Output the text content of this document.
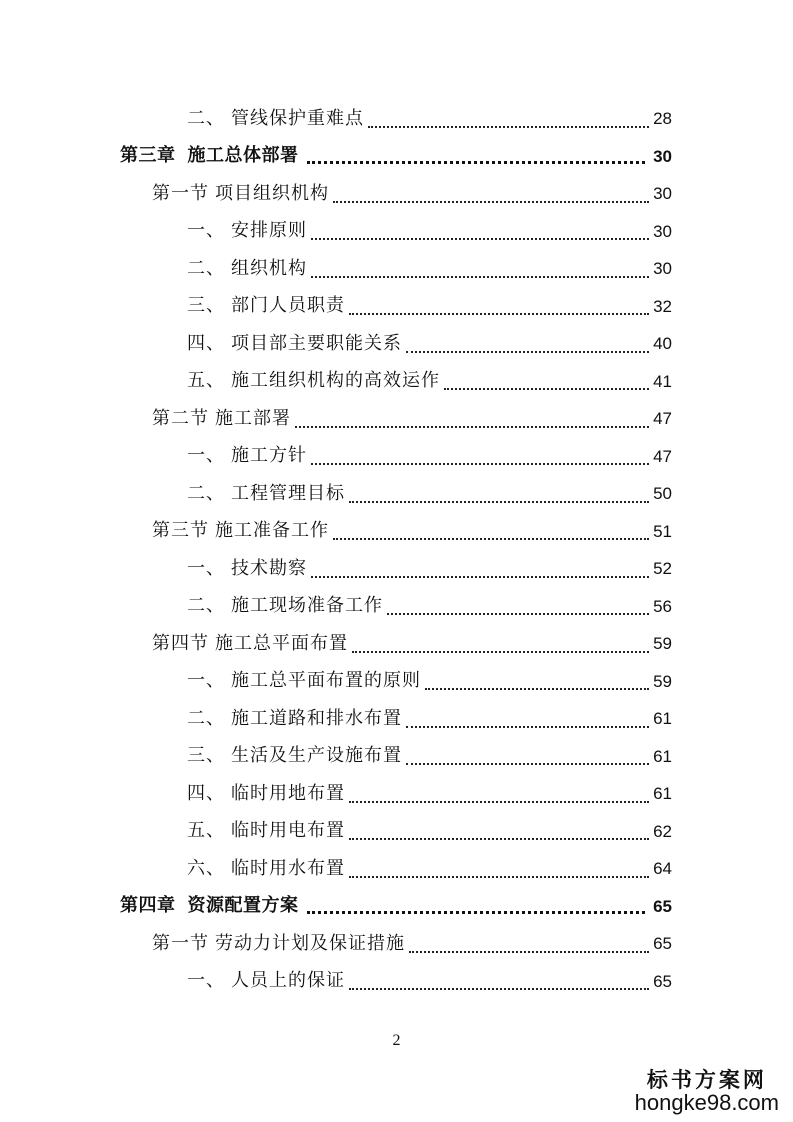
二、 管线保护重难点	28
第三章 施工总体部署	30
第一节 项目组织机构	30
一、 安排原则	30
二、 组织机构	30
三、 部门人员职责	32
四、 项目部主要职能关系	40
五、 施工组织机构的高效运作	41
第二节 施工部署	47
一、 施工方针	47
二、 工程管理目标	50
第三节 施工准备工作	51
一、 技术勘察	52
二、 施工现场准备工作	56
第四节 施工总平面布置	59
一、 施工总平面布置的原则	59
二、 施工道路和排水布置	61
三、 生活及生产设施布置	61
四、 临时用地布置	61
五、 临时用电布置	62
六、 临时用水布置	64
第四章 资源配置方案	65
第一节 劳动力计划及保证措施	65
一、 人员上的保证	65
2
标书方案网
hongke98.com
